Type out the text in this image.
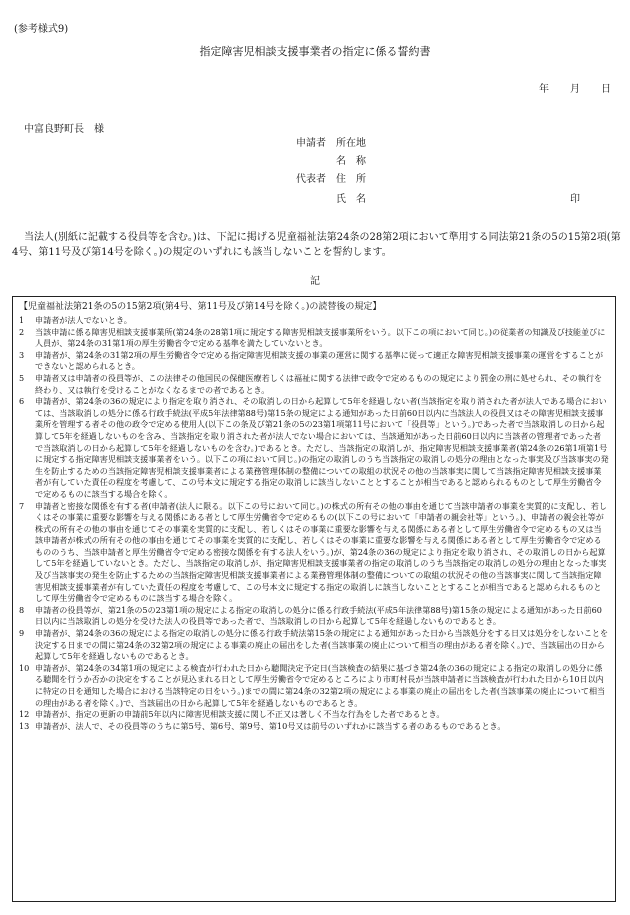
(参考様式9)
指定障害児相談支援事業者の指定に係る誓約書
年 月 日
中富良野町長　様
申請者 所在地
名　称
代表者 住　所
氏　名	印

当法人(別紙に記載する役員等を含む。)は、下記に掲げる児童福祉法第24条の28第2項において準用する同法第21条の5の15第2項(第4号、第11号及び第14号を除く。)の規定のいずれにも該当しないことを誓約します。

記

【児童福祉法第21条の5の15第2項(第4号、第11号及び第14号を除く。)の読替後の規定】

1 申請者が法人でないとき。

2 当該申請に係る障害児相談支援事業所(第24条の28第1項に規定する障害児相談支援事業所をいう。以下この項において同じ。)の従業者の知識及び技能並びに人員が、第24条の31第1項の厚生労働省令で定める基準を満たしていないとき。

3 申請者が、第24条の31第2項の厚生労働省令で定める指定障害児相談支援の事業の運営に関する基準に従って適正な障害児相談支援事業の運営をすることができないと認められるとき。

5 申請者又は申請者の役員等が、この法律その他国民の保健医療若しくは福祉に関する法律で政令で定めるものの規定により罰金の刑に処せられ、その執行を終わり、又は執行を受けることがなくなるまでの者であるとき。

6 申請者が、第24条の36の規定により指定を取り消され、その取消しの日から起算して5年を経過しない者(当該指定を取り消された者が法人である場合においては、当該取消しの処分に係る行政手続法(平成5年法律第88号)第15条の規定による通知があった日前60日以内に当該法人の役員又はその障害児相談支援事業所を管理する者その他の政令で定める使用人(以下この条及び第21条の5の23第1項第11号において「役員等」という。)であった者で当該取消しの日から起算して5年を経過しないものを含み、当該指定を取り消された者が法人でない場合においては、当該通知があった日前60日以内に当該者の管理者であった者で当該取消しの日から起算して5年を経過しないものを含む。)であるとき。ただし、当該指定の取消しが、指定障害児相談支援事業者(第24条の26第1項第1号に規定する指定障害児相談支援事業者をいう。以下この項において同じ。)の指定の取消しのうち当該指定の取消しの処分の理由となった事実及び当該事実の発生を防止するための当該指定障害児相談支援事業者による業務管理体制の整備についての取組の状況その他の当該事実に関して当該指定障害児相談支援事業者が有していた責任の程度を考慮して、この号本文に規定する指定の取消しに該当しないこととすることが相当であると認められるものとして厚生労働省令で定めるものに該当する場合を除く。

7 申請者と密接な関係を有する者(申請者(法人に限る。以下この号において同じ。)の株式の所有その他の事由を通じて当該申請者の事業を実質的に支配し、若しくはその事業に重要な影響を与える関係にある者として厚生労働省令で定めるもの(以下この号において「申請者の親会社等」という。)、申請者の親会社等が株式の所有その他の事由を通じてその事業を実質的に支配し、若しくはその事業に重要な影響を与える関係にある者として厚生労働省令で定めるもの又は当該申請者が株式の所有その他の事由を通じてその事業を実質的に支配し、若しくはその事業に重要な影響を与える関係にある者として厚生労働省令で定めるもののうち、当該申請者と厚生労働省令で定める密接な関係を有する法人をいう。)が、第24条の36の規定により指定を取り消され、その取消しの日から起算して5年を経過していないとき。ただし、当該指定の取消しが、指定障害児相談支援事業者の指定の取消しのうち当該指定の取消しの処分の理由となった事実及び当該事実の発生を防止するための当該指定障害児相談支援事業者による業務管理体制の整備についての取組の状況その他の当該事実に関して当該指定障害児相談支援事業者が有していた責任の程度を考慮して、この号本文に規定する指定の取消しに該当しないこととすることが相当であると認められるものとして厚生労働省令で定めるものに該当する場合を除く。

8 申請者の役員等が、第21条の5の23第1項の規定による指定の取消しの処分に係る行政手続法(平成5年法律第88号)第15条の規定による通知があった日前60日以内に当該取消しの処分を受けた法人の役員等であった者で、当該取消しの日から起算して5年を経過しないものであるとき。

9 申請者が、第24条の36の規定による指定の取消しの処分に係る行政手続法第15条の規定による通知があった日から当該処分をする日又は処分をしないことを決定する日までの間に第24条の32第2項の規定による事業の廃止の届出をした者(当該事業の廃止について相当の理由がある者を除く。)で、当該届出の日から起算して5年を経過しないものであるとき。

10 申請者が、第24条の34第1項の規定による検査が行われた日から聴聞決定予定日(当該検査の結果に基づき第24条の36の規定による指定の取消しの処分に係る聴聞を行うか否かの決定をすることが見込まれる日として厚生労働省令で定めるところにより市町村長が当該申請者に当該検査が行われた日から10日以内に特定の日を通知した場合における当該特定の日をいう。)までの間に第24条の32第2項の規定による事業の廃止の届出をした者(当該事業の廃止について相当の理由がある者を除く。)で、当該届出の日から起算して5年を経過しないものであるとき。

12 申請者が、指定の更新の申請前5年以内に障害児相談支援に関し不正又は著しく不当な行為をした者であるとき。

13 申請者が、法人で、その役員等のうちに第5号、第6号、第9号、第10号又は前号のいずれかに該当する者のあるものであるとき。
